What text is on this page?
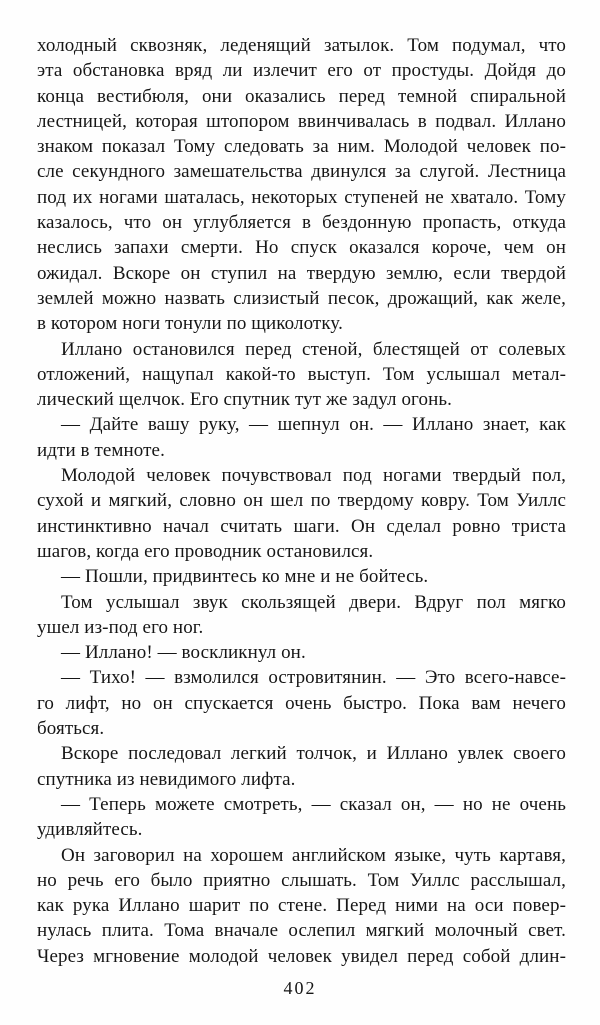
холодный сквозняк, леденящий затылок. Том подумал, что
эта обстановка вряд ли излечит его от простуды. Дойдя до
конца вестибюля, они оказались перед темной спиральной
лестницей, которая штопором ввинчивалась в подвал. Иллано
знаком показал Тому следовать за ним. Молодой человек по-
сле секундного замешательства двинулся за слугой. Лестница
под их ногами шаталась, некоторых ступеней не хватало. Тому
казалось, что он углубляется в бездонную пропасть, откуда
неслись запахи смерти. Но спуск оказался короче, чем он
ожидал. Вскоре он ступил на твердую землю, если твердой
землей можно назвать слизистый песок, дрожащий, как желе,
в котором ноги тонули по щиколотку.
Иллано остановился перед стеной, блестящей от солевых
отложений, нащупал какой-то выступ. Том услышал метал-
лический щелчок. Его спутник тут же задул огонь.
— Дайте вашу руку, — шепнул он. — Иллано знает, как
идти в темноте.
Молодой человек почувствовал под ногами твердый пол,
сухой и мягкий, словно он шел по твердому ковру. Том Уиллс
инстинктивно начал считать шаги. Он сделал ровно триста
шагов, когда его проводник остановился.
— Пошли, придвинтесь ко мне и не бойтесь.
Том услышал звук скользящей двери. Вдруг пол мягко
ушел из-под его ног.
— Иллано! — воскликнул он.
— Тихо! — взмолился островитянин. — Это всего-навсе-
го лифт, но он спускается очень быстро. Пока вам нечего
бояться.
Вскоре последовал легкий толчок, и Иллано увлек своего
спутника из невидимого лифта.
— Теперь можете смотреть, — сказал он, — но не очень
удивляйтесь.
Он заговорил на хорошем английском языке, чуть картавя,
но речь его было приятно слышать. Том Уиллс расслышал,
как рука Иллано шарит по стене. Перед ними на оси повер-
нулась плита. Тома вначале ослепил мягкий молочный свет.
Через мгновение молодой человек увидел перед собой длин-
402
